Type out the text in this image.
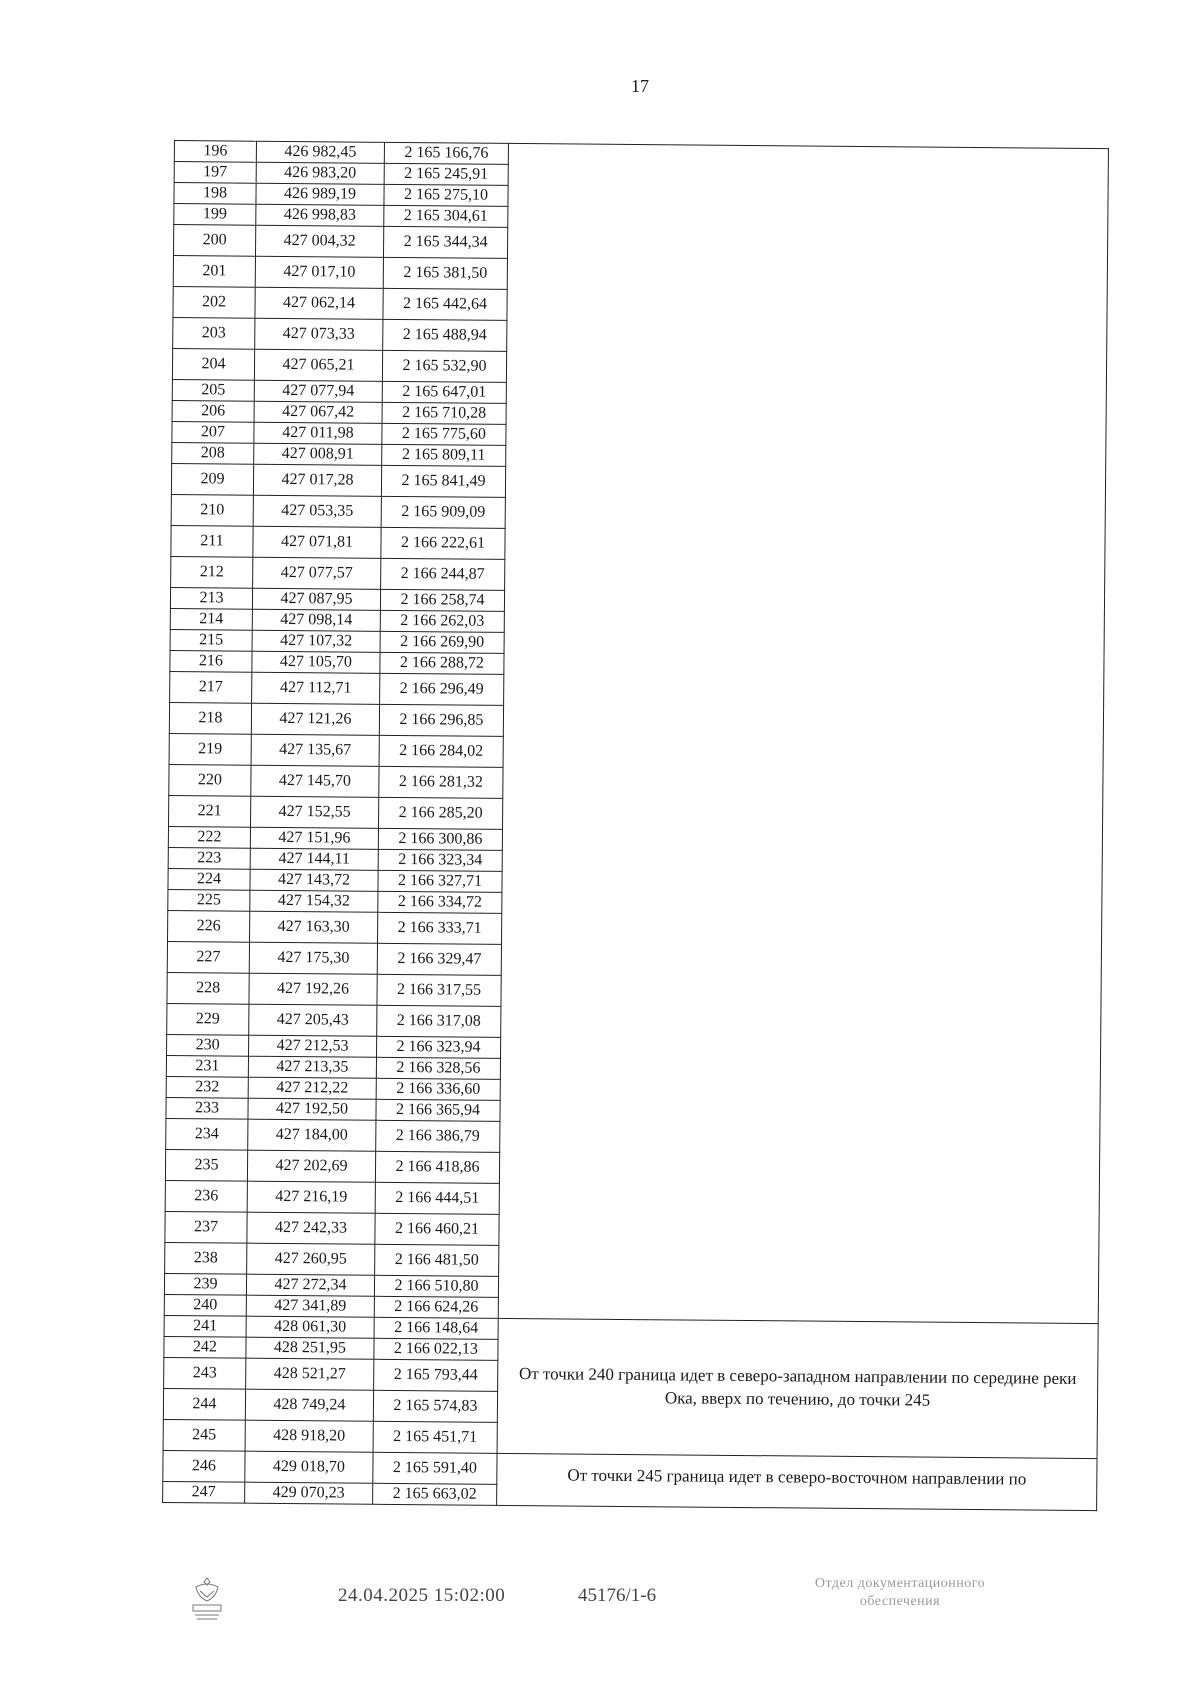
17
196	426 982,45	2 165 166,76	
197	426 983,20	2 165 245,91	
198	426 989,19	2 165 275,10	
199	426 998,83	2 165 304,61	
200	427 004,32	2 165 344,34	
201	427 017,10	2 165 381,50	
202	427 062,14	2 165 442,64	
203	427 073,33	2 165 488,94	
204	427 065,21	2 165 532,90	
205	427 077,94	2 165 647,01	
206	427 067,42	2 165 710,28	
207	427 011,98	2 165 775,60	
208	427 008,91	2 165 809,11	
209	427 017,28	2 165 841,49	
210	427 053,35	2 165 909,09	
211	427 071,81	2 166 222,61	
212	427 077,57	2 166 244,87	
213	427 087,95	2 166 258,74	
214	427 098,14	2 166 262,03	
215	427 107,32	2 166 269,90	
216	427 105,70	2 166 288,72	
217	427 112,71	2 166 296,49	
218	427 121,26	2 166 296,85	
219	427 135,67	2 166 284,02	
220	427 145,70	2 166 281,32	
221	427 152,55	2 166 285,20	
222	427 151,96	2 166 300,86	
223	427 144,11	2 166 323,34	
224	427 143,72	2 166 327,71	
225	427 154,32	2 166 334,72	
226	427 163,30	2 166 333,71	
227	427 175,30	2 166 329,47	
228	427 192,26	2 166 317,55	
229	427 205,43	2 166 317,08	
230	427 212,53	2 166 323,94	
231	427 213,35	2 166 328,56	
232	427 212,22	2 166 336,60	
233	427 192,50	2 166 365,94	
234	427 184,00	2 166 386,79	
235	427 202,69	2 166 418,86	
236	427 216,19	2 166 444,51	
237	427 242,33	2 166 460,21	
238	427 260,95	2 166 481,50	
239	427 272,34	2 166 510,80	
240	427 341,89	2 166 624,26	
241	428 061,30	2 166 148,64	От точки 240 граница идет в северо-западном направлении по середине реки Ока, вверх по течению, до точки 245
242	428 251,95	2 166 022,13	
243	428 521,27	2 165 793,44	
244	428 749,24	2 165 574,83	
245	428 918,20	2 165 451,71	
246	429 018,70	2 165 591,40	От точки 245 граница идет в северо-восточном направлении по
247	429 070,23	2 165 663,02	
24.04.2025 15:02:00	45176/1-6
Отдел документационного
обеспечения
